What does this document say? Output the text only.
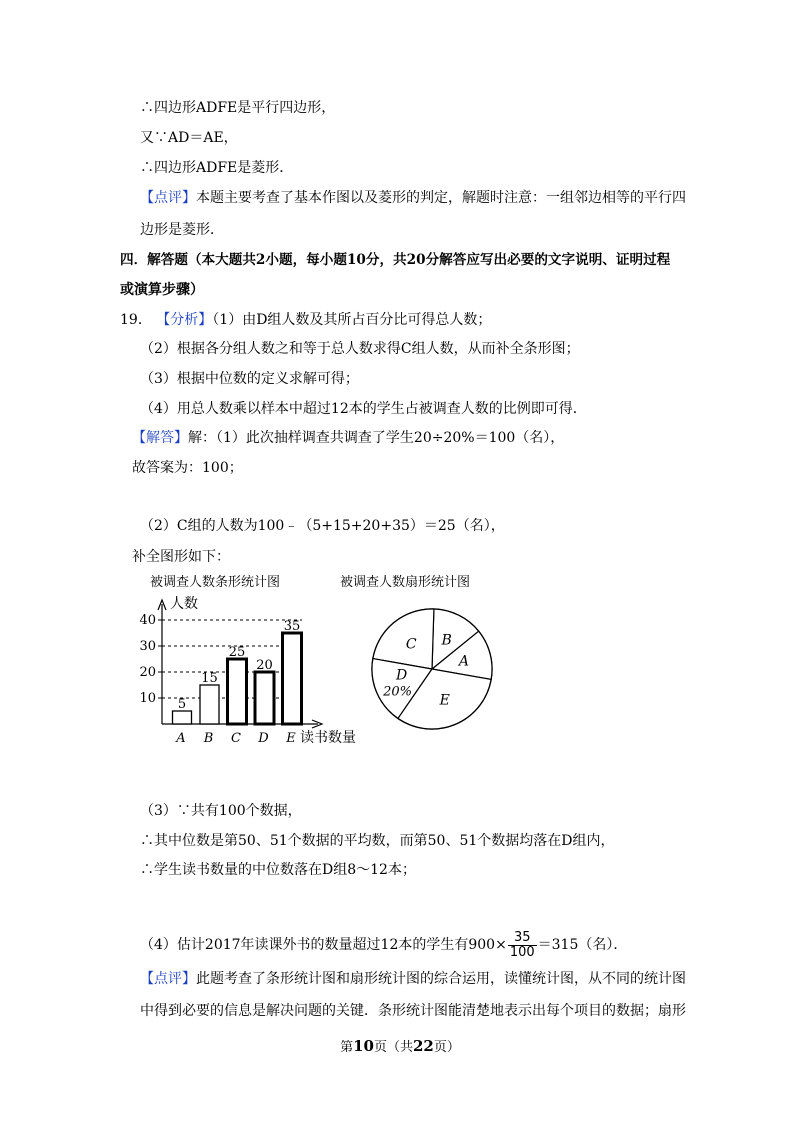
∴四边形ADFE是平行四边形，
又∵AD＝AE，
∴四边形ADFE是菱形．
【点评】本题主要考查了基本作图以及菱形的判定，解题时注意：一组邻边相等的平行四
边形是菱形．
四．解答题（本大题共2小题，每小题10分，共20分解答应写出必要的文字说明、证明过程
或演算步骤）
19． 【分析】（1）由D组人数及其所占百分比可得总人数；
（2）根据各分组人数之和等于总人数求得C组人数，从而补全条形图；
（3）根据中位数的定义求解可得；
（4）用总人数乘以样本中超过12本的学生占被调查人数的比例即可得．
【解答】解：（1）此次抽样调查共调查了学生20÷20%＝100（名），
故答案为：100；
（2）C组的人数为100﹣（5+15+20+35）＝25（名），
补全图形如下：
被调查人数条形统计图	被调查人数扇形统计图
10
20
30
40
人数
读书数量
5
A
15
B
25
C
20
D
35
E
A
B
C
D
20%
E
（3）∵共有100个数据，
∴其中位数是第50、51个数据的平均数，而第50、51个数据均落在D组内，
∴学生读书数量的中位数落在D组8～12本；
（4）估计2017年读课外书的数量超过12本的学生有$900\times \frac{35}{100} =315$（名）．
【点评】此题考查了条形统计图和扇形统计图的综合运用，读懂统计图，从不同的统计图
中得到必要的信息是解决问题的关键．条形统计图能清楚地表示出每个项目的数据；扇形
第10页（共22页）
